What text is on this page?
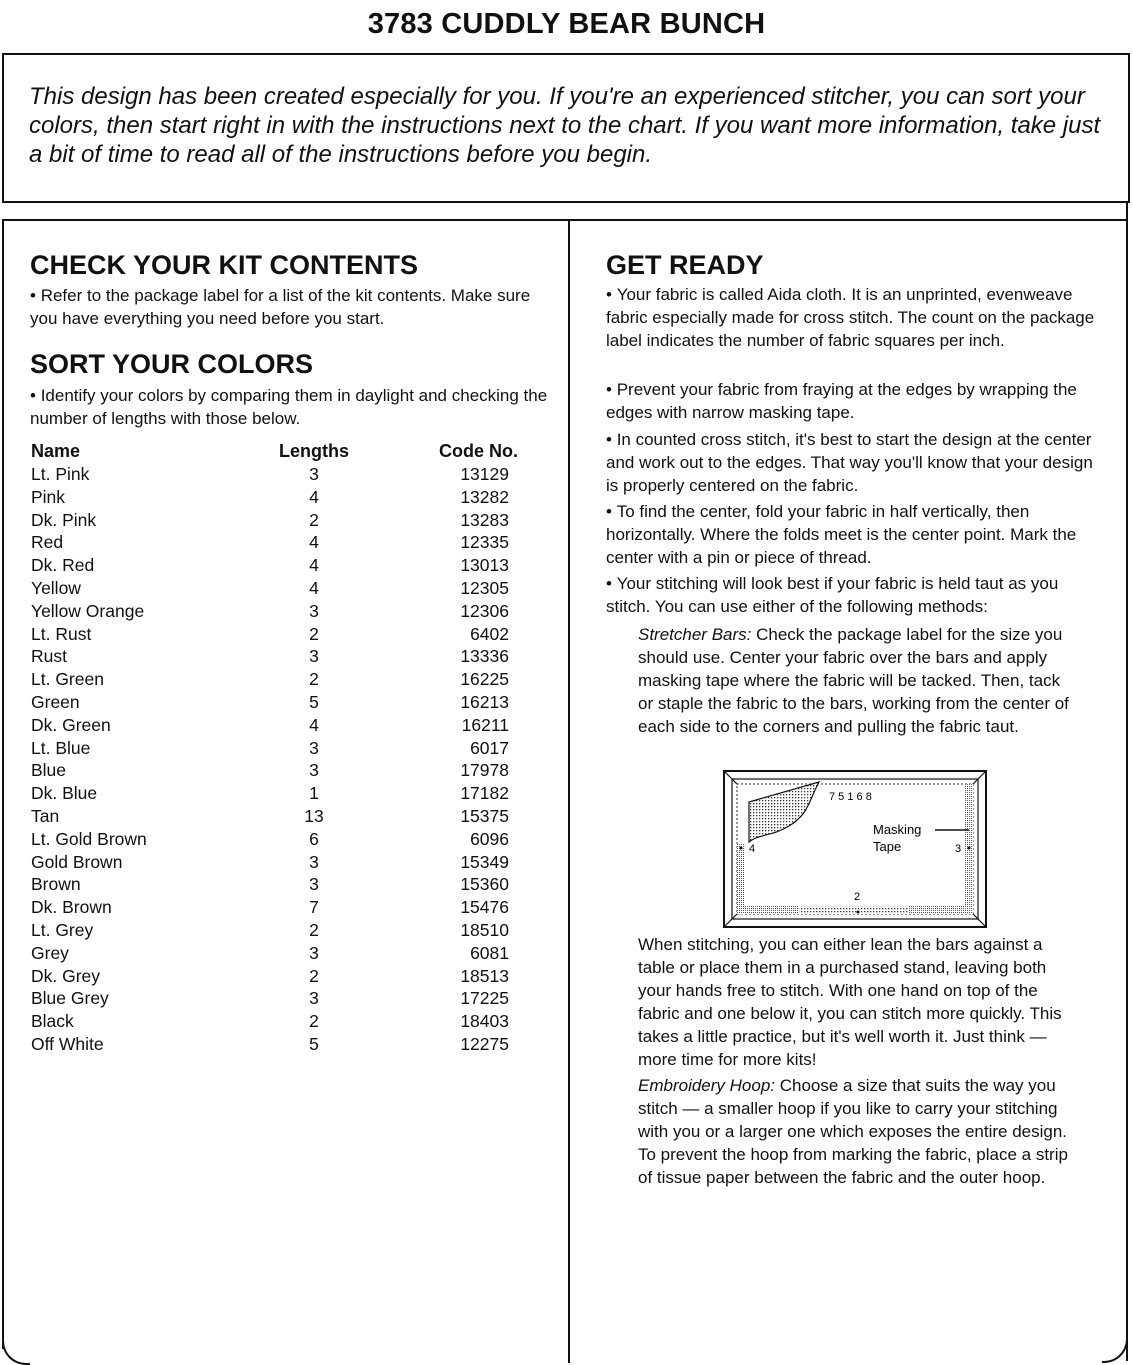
3783 CUDDLY BEAR BUNCH
This design has been created especially for you. If you're an experienced stitcher, you can sort your colors, then start right in with the instructions next to the chart. If you want more information, take just a bit of time to read all of the instructions before you begin.
CHECK YOUR KIT CONTENTS
• Refer to the package label for a list of the kit contents. Make sure you have everything you need before you start.
SORT YOUR COLORS
• Identify your colors by comparing them in daylight and checking the number of lengths with those below.
Name	Lengths	Code No.
Lt. Pink	3	13129
Pink	4	13282
Dk. Pink	2	13283
Red	4	12335
Dk. Red	4	13013
Yellow	4	12305
Yellow Orange	3	12306
Lt. Rust	2	6402
Rust	3	13336
Lt. Green	2	16225
Green	5	16213
Dk. Green	4	16211
Lt. Blue	3	6017
Blue	3	17978
Dk. Blue	1	17182
Tan	13	15375
Lt. Gold Brown	6	6096
Gold Brown	3	15349
Brown	3	15360
Dk. Brown	7	15476
Lt. Grey	2	18510
Grey	3	6081
Dk. Grey	2	18513
Blue Grey	3	17225
Black	2	18403
Off White	5	12275
GET READY
• Your fabric is called Aida cloth. It is an unprinted, evenweave fabric especially made for cross stitch. The count on the package label indicates the number of fabric squares per inch.
• Prevent your fabric from fraying at the edges by wrapping the edges with narrow masking tape.
• In counted cross stitch, it's best to start the design at the center and work out to the edges. That way you'll know that your design is properly centered on the fabric.
• To find the center, fold your fabric in half vertically, then horizontally. Where the folds meet is the center point. Mark the center with a pin or piece of thread.
• Your stitching will look best if your fabric is held taut as you stitch. You can use either of the following methods:
Stretcher Bars: Check the package label for the size you should use. Center your fabric over the bars and apply masking tape where the fabric will be tacked. Then, tack or staple the fabric to the bars, working from the center of each side to the corners and pulling the fabric taut.
7 5 1 6 8
Masking
Tape
4	3
2
When stitching, you can either lean the bars against a table or place them in a purchased stand, leaving both your hands free to stitch. With one hand on top of the fabric and one below it, you can stitch more quickly. This takes a little practice, but it's well worth it. Just think — more time for more kits!
Embroidery Hoop: Choose a size that suits the way you stitch — a smaller hoop if you like to carry your stitching with you or a larger one which exposes the entire design. To prevent the hoop from marking the fabric, place a strip of tissue paper between the fabric and the outer hoop.
